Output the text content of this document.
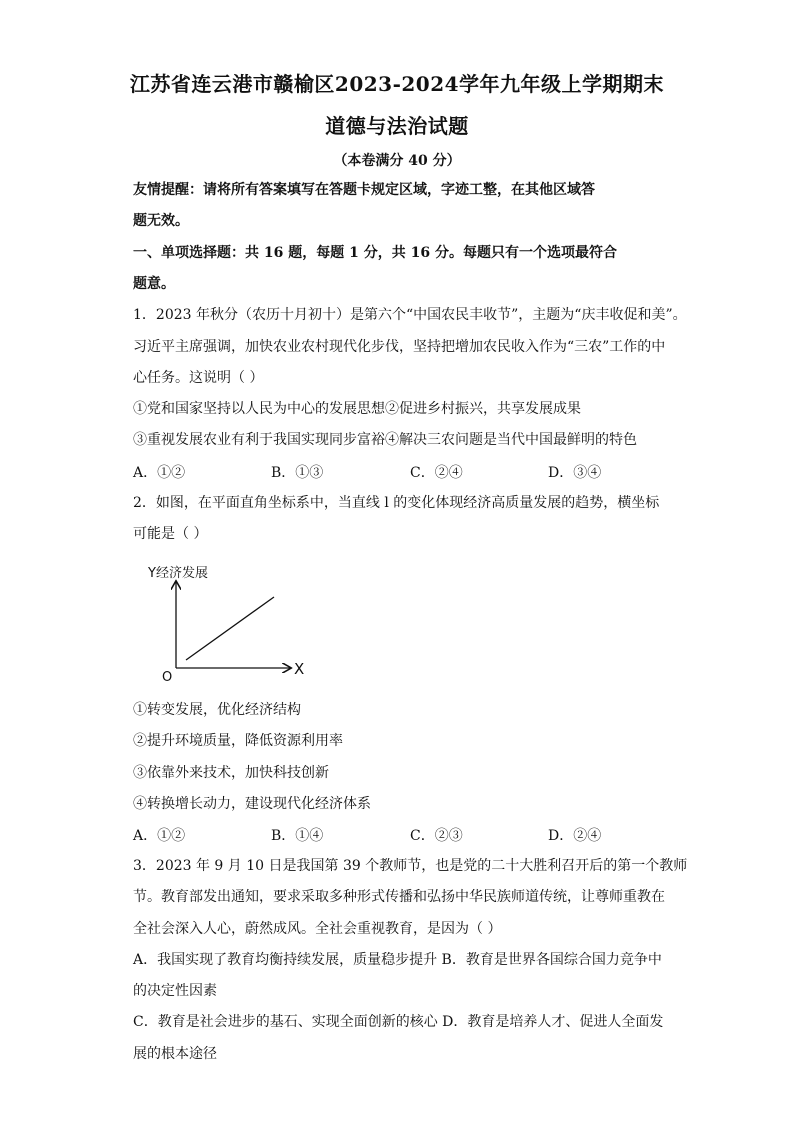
江苏省连云港市赣榆区2023-2024学年九年级上学期期末
道德与法治试题
（本卷满分 40 分）
友情提醒：请将所有答案填写在答题卡规定区域，字迹工整，在其他区域答
题无效。
一、单项选择题：共 16 题，每题 1 分，共 16 分。每题只有一个选项最符合
题意。
1．2023 年秋分（农历十月初十）是第六个“中国农民丰收节”，主题为“庆丰收促和美”。
习近平主席强调，加快农业农村现代化步伐，坚持把增加农民收入作为“三农”工作的中
心任务。这说明（ ）
①党和国家坚持以人民为中心的发展思想②促进乡村振兴，共享发展成果
③重视发展农业有利于我国实现同步富裕④解决三农问题是当代中国最鲜明的特色
A．①②	B．①③	C．②④	D．③④
2．如图，在平面直角坐标系中，当直线 l 的变化体现经济高质量发展的趋势，横坐标
可能是（ ）
Y经济发展
X
O
①转变发展，优化经济结构
②提升环境质量，降低资源利用率
③依靠外来技术，加快科技创新
④转换增长动力，建设现代化经济体系
A．①②	B．①④	C．②③	D．②④
3．2023 年 9 月 10 日是我国第 39 个教师节，也是党的二十大胜利召开后的第一个教师
节。教育部发出通知，要求采取多种形式传播和弘扬中华民族师道传统，让尊师重教在
全社会深入人心，蔚然成风。全社会重视教育，是因为（ ）
A．我国实现了教育均衡持续发展，质量稳步提升 B．教育是世界各国综合国力竞争中
的决定性因素
C．教育是社会进步的基石、实现全面创新的核心 D．教育是培养人才、促进人全面发
展的根本途径
